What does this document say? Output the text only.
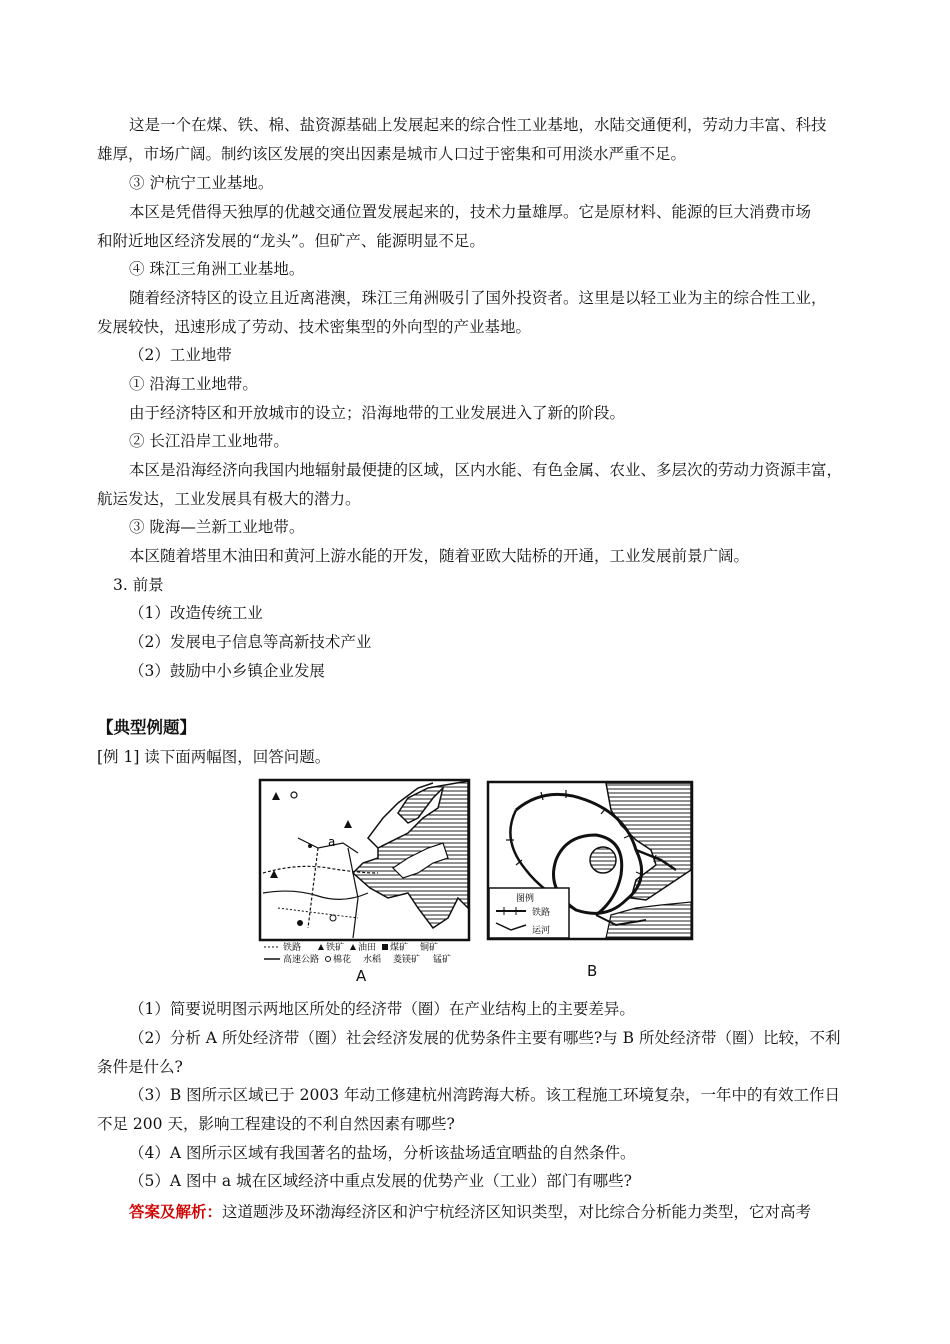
这是一个在煤、铁、棉、盐资源基础上发展起来的综合性工业基地，水陆交通便利，劳动力丰富、科技
雄厚，市场广阔。制约该区发展的突出因素是城市人口过于密集和可用淡水严重不足。
③ 沪杭宁工业基地。
本区是凭借得天独厚的优越交通位置发展起来的，技术力量雄厚。它是原材料、能源的巨大消费市场
和附近地区经济发展的“龙头”。但矿产、能源明显不足。
④ 珠江三角洲工业基地。
随着经济特区的设立且近离港澳，珠江三角洲吸引了国外投资者。这里是以轻工业为主的综合性工业，
发展较快，迅速形成了劳动、技术密集型的外向型的产业基地。
（2）工业地带
① 沿海工业地带。
由于经济特区和开放城市的设立；沿海地带的工业发展进入了新的阶段。
② 长江沿岸工业地带。
本区是沿海经济向我国内地辐射最便捷的区域，区内水能、有色金属、农业、多层次的劳动力资源丰富，
航运发达，工业发展具有极大的潜力。
③ 陇海—兰新工业地带。
本区随着塔里木油田和黄河上游水能的开发，随着亚欧大陆桥的开通，工业发展前景广阔。
3. 前景
（1）改造传统工业
（2）发展电子信息等高新技术产业
（3）鼓励中小乡镇企业发展
【典型例题】
[例 1] 读下面两幅图，回答问题。
a
铁路	铁矿 油田 煤矿 铜矿
高速公路 棉花 水稻 菱镁矿 锰矿
A
图例
铁路
运河
B
（1）简要说明图示两地区所处的经济带（圈）在产业结构上的主要差异。
（2）分析 A 所处经济带（圈）社会经济发展的优势条件主要有哪些?与 B 所处经济带（圈）比较，不利
条件是什么?
（3）B 图所示区域已于 2003 年动工修建杭州湾跨海大桥。该工程施工环境复杂，一年中的有效工作日
不足 200 天，影响工程建设的不利自然因素有哪些?
（4）A 图所示区域有我国著名的盐场，分析该盐场适宜晒盐的自然条件。
（5）A 图中 a 城在区域经济中重点发展的优势产业（工业）部门有哪些?
答案及解析：这道题涉及环渤海经济区和沪宁杭经济区知识类型，对比综合分析能力类型，它对高考
